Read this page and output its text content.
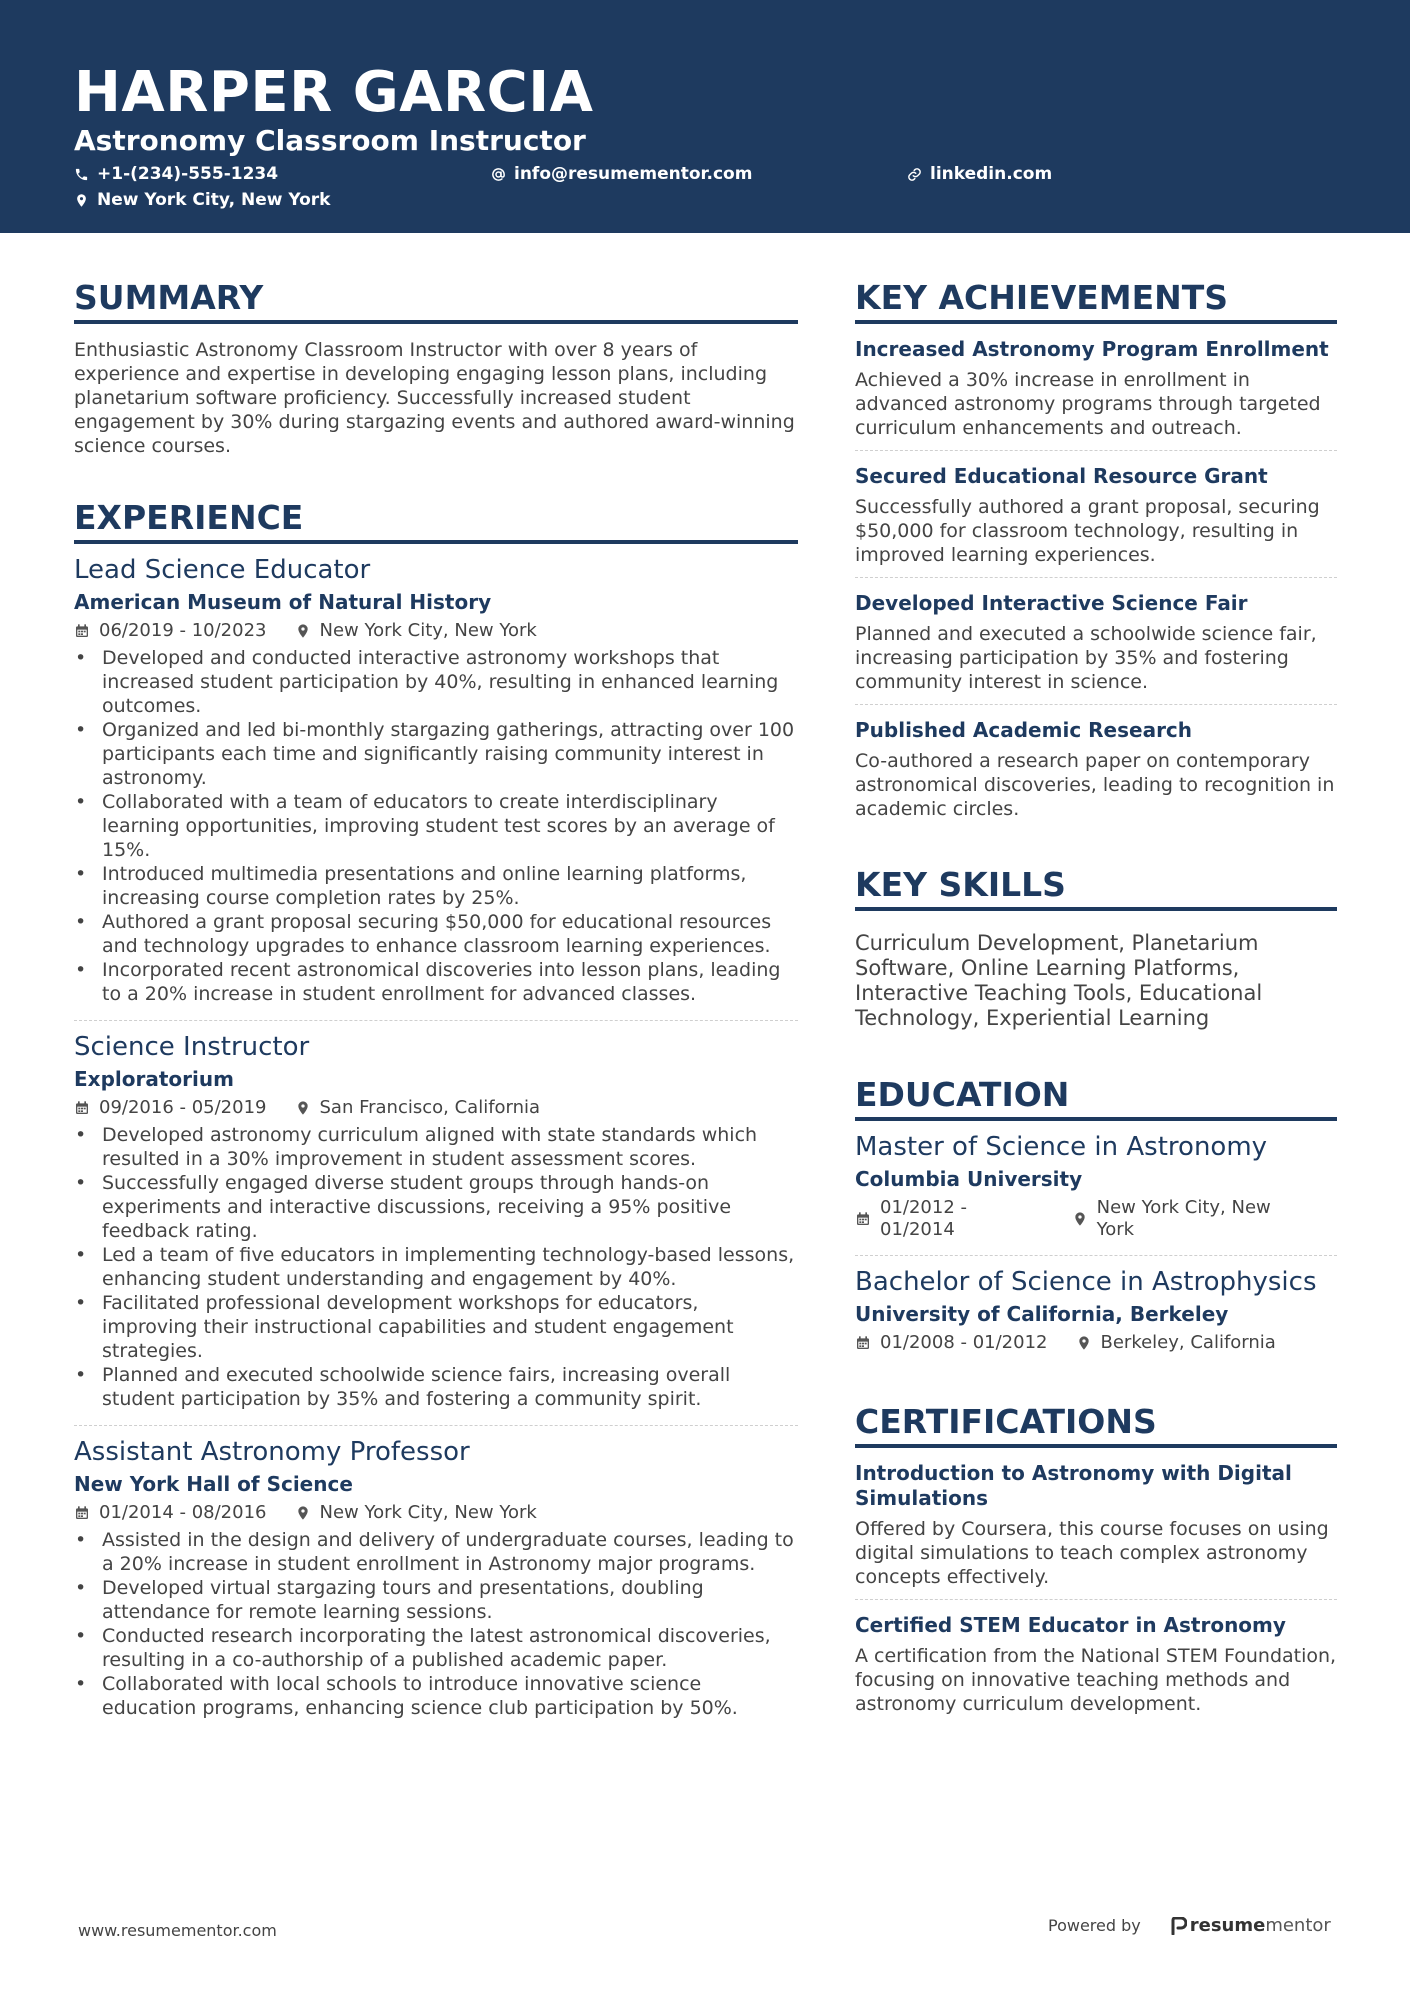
HARPER GARCIA
Astronomy Classroom Instructor
+1-(234)-555-1234	info@resumementor.com	linkedin.com
New York City, New York
SUMMARY

Enthusiastic Astronomy Classroom Instructor with over 8 years of experience and expertise in developing engaging lesson plans, including planetarium software proficiency. Successfully increased student engagement by 30% during stargazing events and authored award-winning science courses.

EXPERIENCE
Lead Science Educator
American Museum of Natural History
06/2019 - 10/2023	New York City, New York
• Developed and conducted interactive astronomy workshops that increased student participation by 40%, resulting in enhanced learning outcomes.
• Organized and led bi-monthly stargazing gatherings, attracting over 100 participants each time and significantly raising community interest in astronomy.
• Collaborated with a team of educators to create interdisciplinary learning opportunities, improving student test scores by an average of 15%.
• Introduced multimedia presentations and online learning platforms, increasing course completion rates by 25%.
• Authored a grant proposal securing $50,000 for educational resources and technology upgrades to enhance classroom learning experiences.
• Incorporated recent astronomical discoveries into lesson plans, leading to a 20% increase in student enrollment for advanced classes.
Science Instructor
Exploratorium
09/2016 - 05/2019	San Francisco, California
• Developed astronomy curriculum aligned with state standards which resulted in a 30% improvement in student assessment scores.
• Successfully engaged diverse student groups through hands-on experiments and interactive discussions, receiving a 95% positive feedback rating.
• Led a team of five educators in implementing technology-based lessons, enhancing student understanding and engagement by 40%.
• Facilitated professional development workshops for educators, improving their instructional capabilities and student engagement strategies.
• Planned and executed schoolwide science fairs, increasing overall student participation by 35% and fostering a community spirit.
Assistant Astronomy Professor
New York Hall of Science
01/2014 - 08/2016	New York City, New York
• Assisted in the design and delivery of undergraduate courses, leading to a 20% increase in student enrollment in Astronomy major programs.
• Developed virtual stargazing tours and presentations, doubling attendance for remote learning sessions.
• Conducted research incorporating the latest astronomical discoveries, resulting in a co-authorship of a published academic paper.
• Collaborated with local schools to introduce innovative science education programs, enhancing science club participation by 50%.
KEY ACHIEVEMENTS
Increased Astronomy Program Enrollment
Achieved a 30% increase in enrollment in advanced astronomy programs through targeted curriculum enhancements and outreach.
Secured Educational Resource Grant
Successfully authored a grant proposal, securing $50,000 for classroom technology, resulting in improved learning experiences.
Developed Interactive Science Fair
Planned and executed a schoolwide science fair, increasing participation by 35% and fostering community interest in science.
Published Academic Research
Co-authored a research paper on contemporary astronomical discoveries, leading to recognition in academic circles.
KEY SKILLS

Curriculum Development, Planetarium Software, Online Learning Platforms, Interactive Teaching Tools, Educational Technology, Experiential Learning

EDUCATION
Master of Science in Astronomy
Columbia University
01/2012 - 01/2014
New York City, New York
Bachelor of Science in Astrophysics
University of California, Berkeley
01/2008 - 01/2012	Berkeley, California
CERTIFICATIONS
Introduction to Astronomy with Digital Simulations
Offered by Coursera, this course focuses on using digital simulations to teach complex astronomy concepts effectively.
Certified STEM Educator in Astronomy
A certification from the National STEM Foundation, focusing on innovative teaching methods and astronomy curriculum development.
www.resumementor.com	Powered by	resume mentor
